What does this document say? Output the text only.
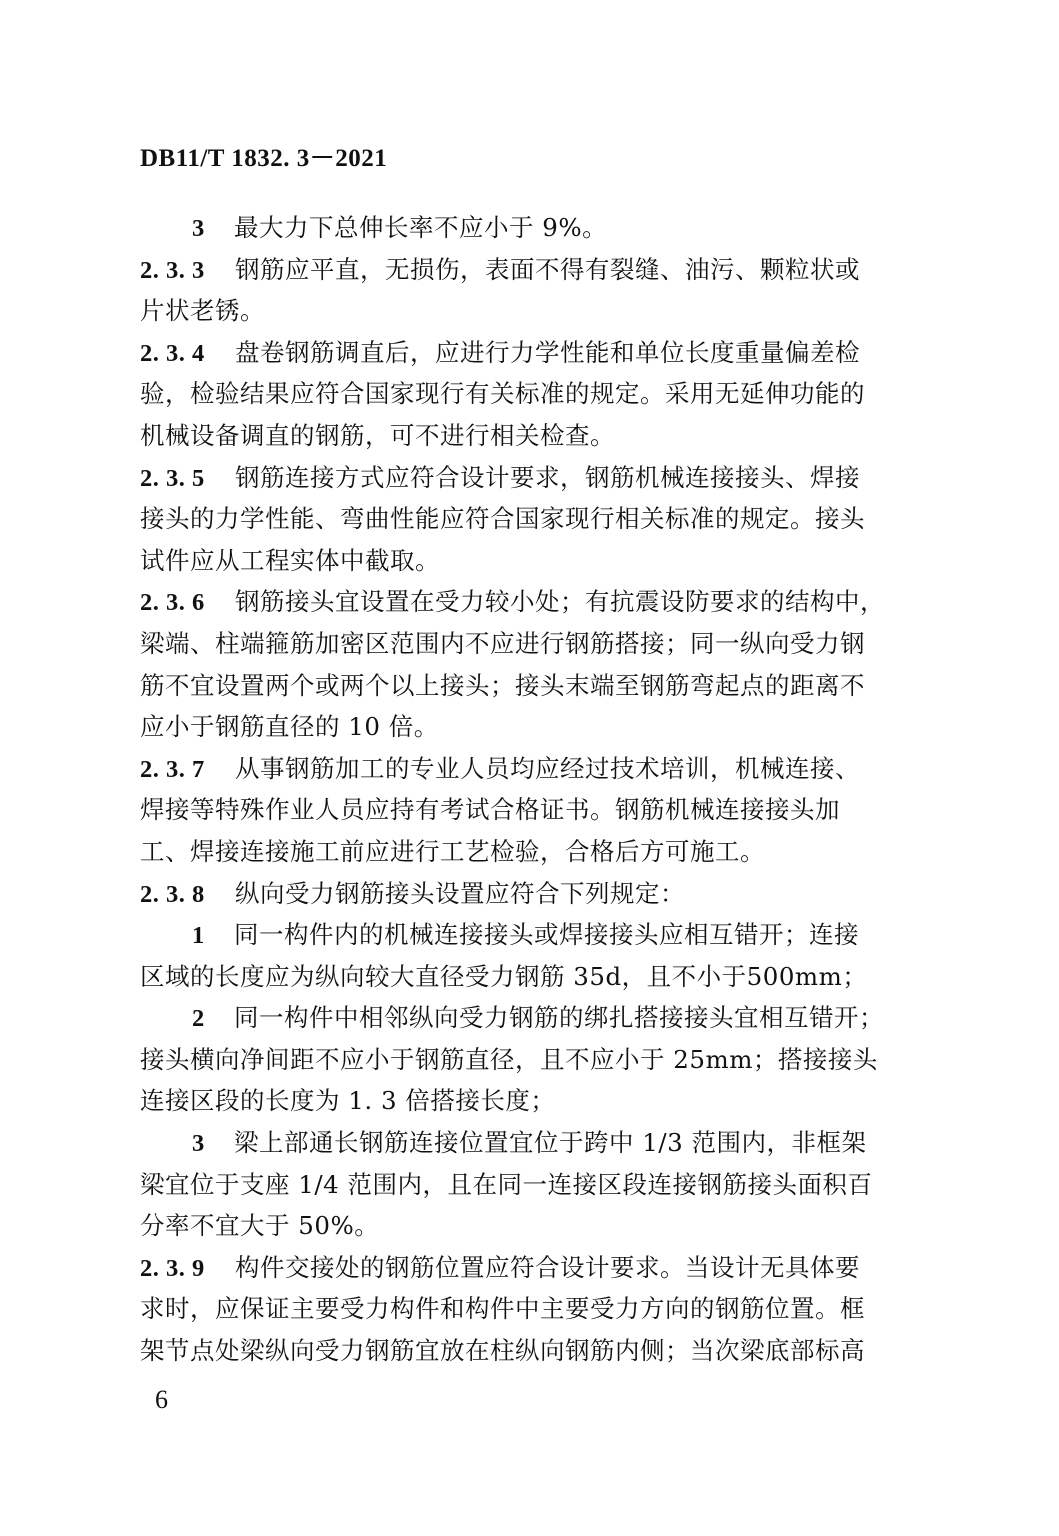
DB11/T 1832. 3－2021
3 最大力下总伸长率不应小于 9%。
2. 3. 3 钢筋应平直，无损伤，表面不得有裂缝、油污、颗粒状或
片状老锈。
2. 3. 4 盘卷钢筋调直后，应进行力学性能和单位长度重量偏差检
验，检验结果应符合国家现行有关标准的规定。采用无延伸功能的
机械设备调直的钢筋，可不进行相关检查。
2. 3. 5 钢筋连接方式应符合设计要求，钢筋机械连接接头、焊接
接头的力学性能、弯曲性能应符合国家现行相关标准的规定。接头
试件应从工程实体中截取。
2. 3. 6 钢筋接头宜设置在受力较小处；有抗震设防要求的结构中，
梁端、柱端箍筋加密区范围内不应进行钢筋搭接；同一纵向受力钢
筋不宜设置两个或两个以上接头；接头末端至钢筋弯起点的距离不
应小于钢筋直径的 10 倍。
2. 3. 7 从事钢筋加工的专业人员均应经过技术培训，机械连接、
焊接等特殊作业人员应持有考试合格证书。钢筋机械连接接头加
工、焊接连接施工前应进行工艺检验，合格后方可施工。
2. 3. 8 纵向受力钢筋接头设置应符合下列规定：
1 同一构件内的机械连接接头或焊接接头应相互错开；连接
区域的长度应为纵向较大直径受力钢筋 35d，且不小于500mm；
2 同一构件中相邻纵向受力钢筋的绑扎搭接接头宜相互错开；
接头横向净间距不应小于钢筋直径，且不应小于 25mm；搭接接头
连接区段的长度为 1. 3 倍搭接长度；
3 梁上部通长钢筋连接位置宜位于跨中 1/3 范围内，非框架
梁宜位于支座 1/4 范围内，且在同一连接区段连接钢筋接头面积百
分率不宜大于 50%。
2. 3. 9 构件交接处的钢筋位置应符合设计要求。当设计无具体要
求时，应保证主要受力构件和构件中主要受力方向的钢筋位置。框
架节点处梁纵向受力钢筋宜放在柱纵向钢筋内侧；当次梁底部标高
6
